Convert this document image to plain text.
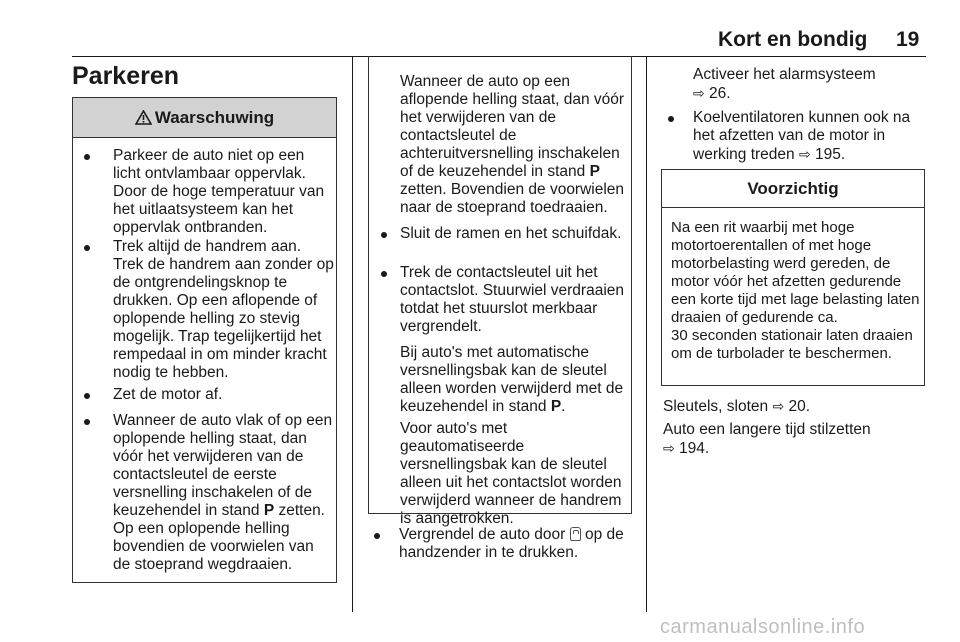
Kort en bondig 19
Parkeren
Waarschuwing
Parkeer de auto niet op een licht ontvlambaar oppervlak. Door de hoge temperatuur van het uitlaatsysteem kan het oppervlak ontbranden.
Trek altijd de handrem aan. Trek de handrem aan zonder op de ontgrendelingsknop te drukken. Op een aflopende of oplopende helling zo stevig mogelijk. Trap tegelijkertijd het rempedaal in om minder kracht nodig te hebben.
Zet de motor af.
Wanneer de auto vlak of op een oplopende helling staat, dan vóór het verwijderen van de contactsleutel de eerste versnelling inschakelen of de keuzehendel in stand P zetten. Op een oplopende helling bovendien de voorwielen van de stoeprand wegdraaien.
Wanneer de auto op een aflopende helling staat, dan vóór het verwijderen van de contactsleutel de achteruitversnelling inschakelen of de keuzehendel in stand P zetten. Bovendien de voorwielen naar de stoeprand toedraaien.
Sluit de ramen en het schuifdak.
Trek de contactsleutel uit het contactslot. Stuurwiel verdraaien totdat het stuurslot merkbaar vergrendelt.
Bij auto's met automatische versnellingsbak kan de sleutel alleen worden verwijderd met de keuzehendel in stand P.
Voor auto's met geautomatiseerde versnellingsbak kan de sleutel alleen uit het contactslot worden verwijderd wanneer de handrem is aangetrokken.
Vergrendel de auto door  op de handzender in te drukken.
Activeer het alarmsysteem
⇨ 26.
Koelventilatoren kunnen ook na het afzetten van de motor in werking treden ⇨ 195.
Voorzichtig
Na een rit waarbij met hoge motortoerentallen of met hoge motorbelasting werd gereden, de motor vóór het afzetten gedurende een korte tijd met lage belasting laten draaien of gedurende ca.
30 seconden stationair laten draaien om de turbolader te beschermen.
Sleutels, sloten ⇨ 20.
Auto een langere tijd stilzetten
⇨ 194.
carmanualsonline.info
